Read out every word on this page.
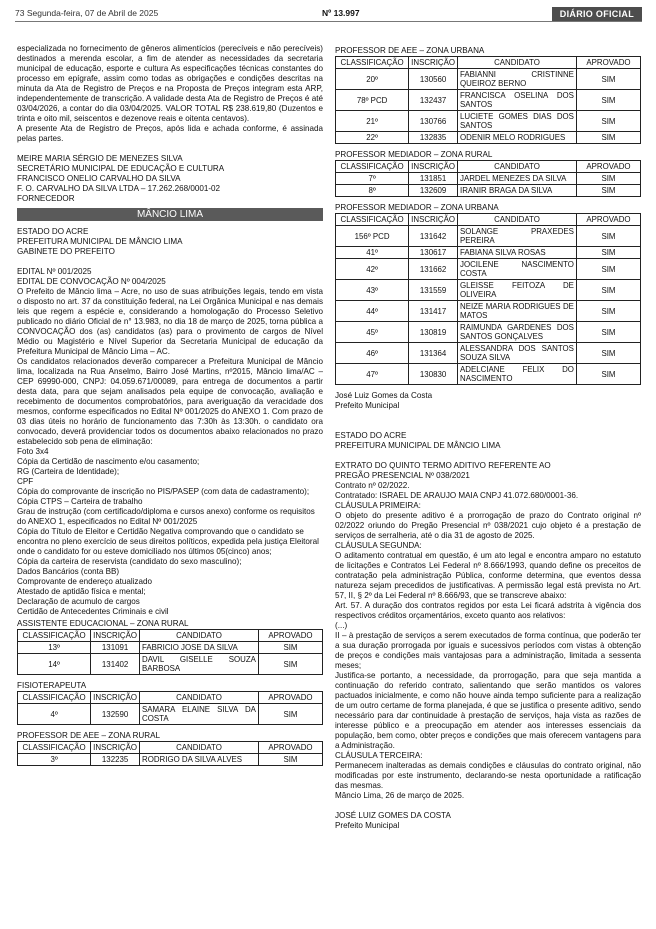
73 Segunda-feira, 07 de Abril de 2025	Nº 13.997	DIÁRIO OFICIAL

especializada no fornecimento de gêneros alimentícios (perecíveis e não perecíveis) destinados a merenda escolar, a fim de atender as necessidades da secretaria municipal de educação, esporte e cultura As especificações técnicas constantes do processo em epígrafe, assim como todas as obrigações e condições descritas na minuta da Ata de Registro de Preços e na Proposta de Preços integram esta ARP, independentemente de transcrição. A validade desta Ata de Registro de Preços é até 03/04/2026, a contar do dia 03/04/2025. VALOR TOTAL R$ 238.619,80 (Duzentos e trinta e oito mil, seiscentos e dezenove reais e oitenta centavos).

A presente Ata de Registro de Preços, após lida e achada conforme, é assinada pelas partes.

MEIRE MARIA SÉRGIO DE MENEZES SILVA
SECRETÁRIO MUNICIPAL DE EDUCAÇÃO E CULTURA
FRANCISCO ONELIO CARVALHO DA SILVA
F. O. CARVALHO DA SILVA LTDA – 17.262.268/0001-02
FORNECEDOR
MÂNCIO LIMA
ESTADO DO ACRE
PREFEITURA MUNICIPAL DE MÂNCIO LIMA
GABINETE DO PREFEITO
EDITAL Nº 001/2025
EDITAL DE CONVOCAÇÃO Nº 004/2025

O Prefeito de Mâncio lima – Acre, no uso de suas atribuições legais, tendo em vista o disposto no art. 37 da constituição federal, na Lei Orgânica Municipal e nas demais leis que regem a espécie e, considerando a homologação do Processo Seletivo publicado no diário Oficial de n° 13.983, no dia 18 de março de 2025, torna pública a CONVOCAÇÃO dos (as) candidatos (as) para o provimento de cargos de Nível Médio ou Magistério e Nível Superior da Secretaria Municipal de educação da Prefeitura Municipal de Mâncio Lima – AC.

Os candidatos relacionados deverão comparecer a Prefeitura Municipal de Mâncio lima, localizada na Rua Anselmo, Bairro José Martins, nº2015, Mâncio lima/AC – CEP 69990-000, CNPJ: 04.059.671/00089, para entrega de documentos a partir desta data, para que sejam analisados pela equipe de convocação, avaliação e recebimento de documentos comprobatórios, para averiguação da veracidade dos mesmos, conforme especificados no Edital Nº 001/2025 do ANEXO 1. Com prazo de 03 dias úteis no horário de funcionamento das 7:30h às 13:30h. o candidato ora convocado, deverá providenciar todos os documentos abaixo relacionados no prazo estabelecido sob pena de eliminação:

Foto 3x4
Cópia da Certidão de nascimento e/ou casamento;
RG (Carteira de Identidade);
CPF
Cópia do comprovante de inscrição no PIS/PASEP (com data de cadastramento);
Cópia CTPS – Carteira de trabalho
Grau de instrução (com certificado/diploma e cursos anexo) conforme os requisitos do ANEXO 1, especificados no Edital Nº 001/2025
Cópia do Título de Eleitor e Certidão Negativa comprovando que o candidato se encontra no pleno exercício de seus direitos políticos, expedida pela justiça Eleitoral onde o candidato for ou esteve domiciliado nos últimos 05(cinco) anos;
Cópia da carteira de reservista (candidato do sexo masculino);
Dados Bancários (conta BB)
Comprovante de endereço atualizado
Atestado de aptidão física e mental;
Declaração de acumulo de cargos
Certidão de Antecedentes Criminais e civil
ASSISTENTE EDUCACIONAL – ZONA RURAL
CLASSIFICAÇÃO	INSCRIÇÃO	CANDIDATO	APROVADO
13º	131091	FABRICIO JOSE DA SILVA	SIM
14º	131402	DAVIL GISELLE SOUZA BARBOSA	SIM
FISIOTERAPEUTA
CLASSIFICAÇÃO	INSCRIÇÃO	CANDIDATO	APROVADO
4º	132590	SAMARA ELAINE SILVA DA COSTA	SIM
PROFESSOR DE AEE – ZONA RURAL
CLASSIFICAÇÃO	INSCRIÇÃO	CANDIDATO	APROVADO
3º	132235	RODRIGO DA SILVA ALVES	SIM
PROFESSOR DE AEE – ZONA URBANA
CLASSIFICAÇÃO	INSCRIÇÃO	CANDIDATO	APROVADO
20º	130560	FABIANNI CRISTINNE QUEIROZ BERNO	SIM
78º PCD	132437	FRANCISCA OSELINA DOS SANTOS	SIM
21º	130766	LUCIETE GOMES DIAS DOS SANTOS	SIM
22º	132835	ODENIR MELO RODRIGUES	SIM
PROFESSOR MEDIADOR – ZONA RURAL
CLASSIFICAÇÃO	INSCRIÇÃO	CANDIDATO	APROVADO
7º	131851	JARDEL MENEZES DA SILVA	SIM
8º	132609	IRANIR BRAGA DA SILVA	SIM
PROFESSOR MEDIADOR – ZONA URBANA
CLASSIFICAÇÃO	INSCRIÇÃO	CANDIDATO	APROVADO
156º PCD	131642	SOLANGE PRAXEDES PEREIRA	SIM
41º	130617	FABIANA SILVA ROSAS	SIM
42º	131662	JOCILENE NASCIMENTO COSTA	SIM
43º	131559	GLEISSE FEITOZA DE OLIVEIRA	SIM
44º	131417	NEIZE MARIA RODRIGUES DE MATOS	SIM
45º	130819	RAIMUNDA GARDENES DOS SANTOS GONÇALVES	SIM
46º	131364	ALESSANDRA DOS SANTOS SOUZA SILVA	SIM
47º	130830	ADELCIANE FELIX DO NASCIMENTO	SIM
José Luiz Gomes da Costa
Prefeito Municipal
ESTADO DO ACRE
PREFEITURA MUNICIPAL DE MÂNCIO LIMA
EXTRATO DO QUINTO TERMO ADITIVO REFERENTE AO
PREGÃO PRESENCIAL Nº 038/2021
Contrato nº 02/2022.
Contratado: ISRAEL DE ARAUJO MAIA CNPJ 41.072.680/0001-36.
CLÁUSULA PRIMEIRA:

O objeto do presente aditivo é a prorrogação de prazo do Contrato original nº 02/2022 oriundo do Pregão Presencial nº 038/2021 cujo objeto é a prestação de serviços de serralheria, até o dia 31 de agosto de 2025.

CLÁUSULA SEGUNDA:

O aditamento contratual em questão, é um ato legal e encontra amparo no estatuto de licitações e Contratos Lei Federal nº 8.666/1993, quando define os preceitos de contratação pela administração Pública, conforme determina, que eventos dessa natureza sejam precedidos de justificativas. A permissão legal está prevista no Art. 57, II, § 2º da Lei Federal nº 8.666/93, que se transcreve abaixo:

Art. 57. A duração dos contratos regidos por esta Lei ficará adstrita à vigência dos respectivos créditos orçamentários, exceto quanto aos relativos:

(...)

II – à prestação de serviços a serem executados de forma contínua, que poderão ter a sua duração prorrogada por iguais e sucessivos períodos com vistas à obtenção de preços e condições mais vantajosas para a administração, limitada a sessenta meses;

Justifica-se portanto, a necessidade, da prorrogação, para que seja mantida a continuação do referido contrato, salientando que serão mantidos os valores pactuados inicialmente, e como não houve ainda tempo suficiente para a realização de um outro certame de forma planejada, é que se justifica o presente aditivo, sendo necessário para dar continuidade à prestação de serviços, haja vista as razões de interesse público e a preocupação em atender aos interesses essenciais da população, bem como, obter preços e condições que mais oferecem vantagens para a Administração.

CLÁUSULA TERCEIRA:

Permanecem inalteradas as demais condições e cláusulas do contrato original, não modificadas por este instrumento, declarando-se nesta oportunidade a ratificação das mesmas.

Mâncio Lima, 26 de março de 2025.
JOSÉ LUIZ GOMES DA COSTA
Prefeito Municipal
